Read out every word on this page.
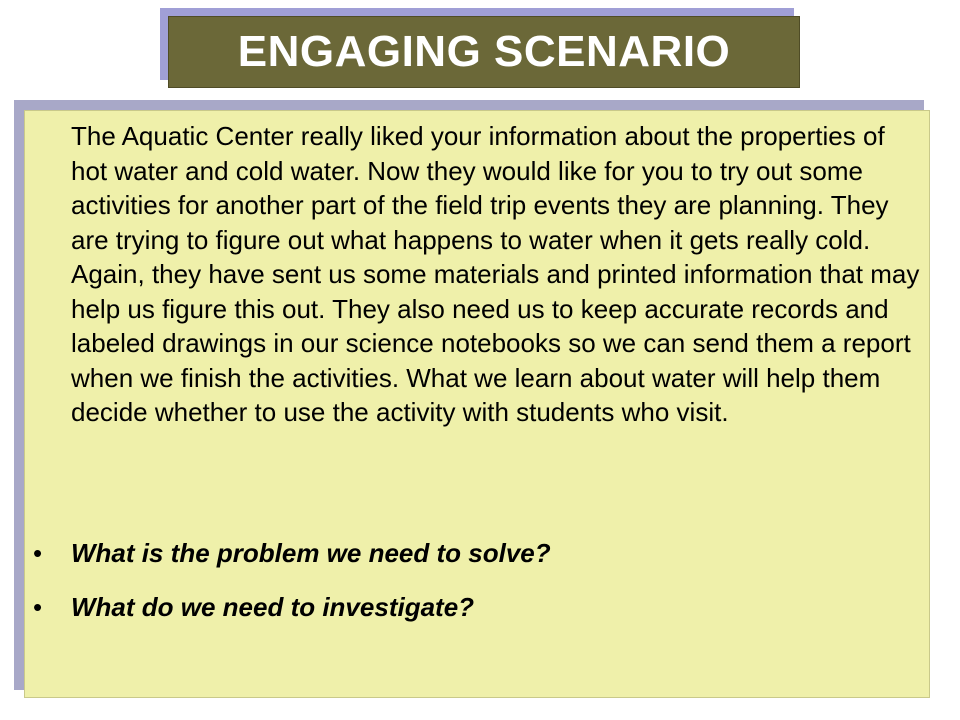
ENGAGING SCENARIO

The Aquatic Center really liked your information about the properties of hot water and cold water. Now they would like for you to try out some activities for another part of the field trip events they are planning. They are trying to figure out what happens to water when it gets really cold. Again, they have sent us some materials and printed information that may help us figure this out. They also need us to keep accurate records and labeled drawings in our science notebooks so we can send them a report when we finish the activities. What we learn about water will help them decide whether to use the activity with students who visit.

•	What is the problem we need to solve?
•	What do we need to investigate?
